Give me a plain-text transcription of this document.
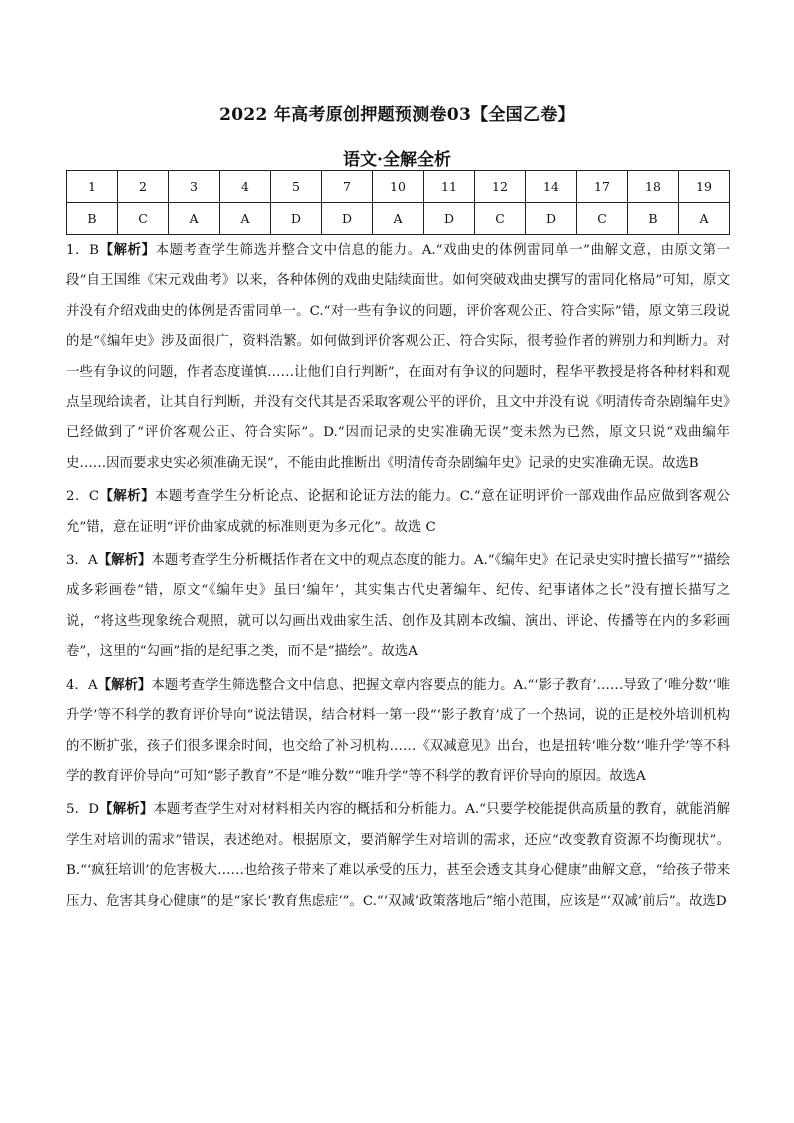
2022 年高考原创押题预测卷03【全国乙卷】
语文·全解全析
1	2	3	4	5	7	10	11	12	14	17	18	19
B	C	A	A	D	D	A	D	C	D	C	B	A

1．B【解析】本题考查学生筛选并整合文中信息的能力。A.“戏曲史的体例雷同单一”曲解文意，由原文第一段“自王国维《宋元戏曲考》以来，各种体例的戏曲史陆续面世。如何突破戏曲史撰写的雷同化格局”可知，原文并没有介绍戏曲史的体例是否雷同单一。C.“对一些有争议的问题，评价客观公正、符合实际”错，原文第三段说的是“《编年史》涉及面很广，资料浩繁。如何做到评价客观公正、符合实际，很考验作者的辨别力和判断力。对一些有争议的问题，作者态度谨慎……让他们自行判断”，在面对有争议的问题时，程华平教授是将各种材料和观点呈现给读者，让其自行判断，并没有交代其是否采取客观公平的评价，且文中并没有说《明清传奇杂剧编年史》已经做到了“评价客观公正、符合实际”。D.“因而记录的史实准确无误”变未然为已然，原文只说“戏曲编年史……因而要求史实必须准确无误”，不能由此推断出《明清传奇杂剧编年史》记录的史实准确无误。故选B

2．C【解析】本题考查学生分析论点、论据和论证方法的能力。C.“意在证明评价一部戏曲作品应做到客观公允”错，意在证明“评价曲家成就的标准则更为多元化”。故选 C

3．A【解析】本题考查学生分析概括作者在文中的观点态度的能力。A.“《编年史》在记录史实时擅长描写”“描绘成多彩画卷”错，原文“《编年史》虽曰‘编年’，其实集古代史著编年、纪传、纪事诸体之长”没有擅长描写之说，“将这些现象统合观照，就可以勾画出戏曲家生活、创作及其剧本改编、演出、评论、传播等在内的多彩画卷”，这里的“勾画”指的是纪事之类，而不是“描绘”。故选A

4．A【解析】本题考查学生筛选整合文中信息、把握文章内容要点的能力。A.“‘影子教育’……导致了‘唯分数’‘唯升学’等不科学的教育评价导向”说法错误，结合材料一第一段“‘影子教育’成了一个热词，说的正是校外培训机构的不断扩张，孩子们很多课余时间，也交给了补习机构……《双减意见》出台，也是扭转‘唯分数’‘唯升学’等不科学的教育评价导向”可知“影子教育”不是“唯分数”“唯升学”等不科学的教育评价导向的原因。故选A

5．D【解析】本题考查学生对对材料相关内容的概括和分析能力。A.“只要学校能提供高质量的教育，就能消解学生对培训的需求”错误，表述绝对。根据原文，要消解学生对培训的需求，还应“改变教育资源不均衡现状”。B.“‘疯狂培训’的危害极大……也给孩子带来了难以承受的压力，甚至会透支其身心健康”曲解文意，“给孩子带来压力、危害其身心健康”的是“家长‘教育焦虑症’”。C.“‘双减’政策落地后”缩小范围，应该是“‘双减’前后”。故选D
